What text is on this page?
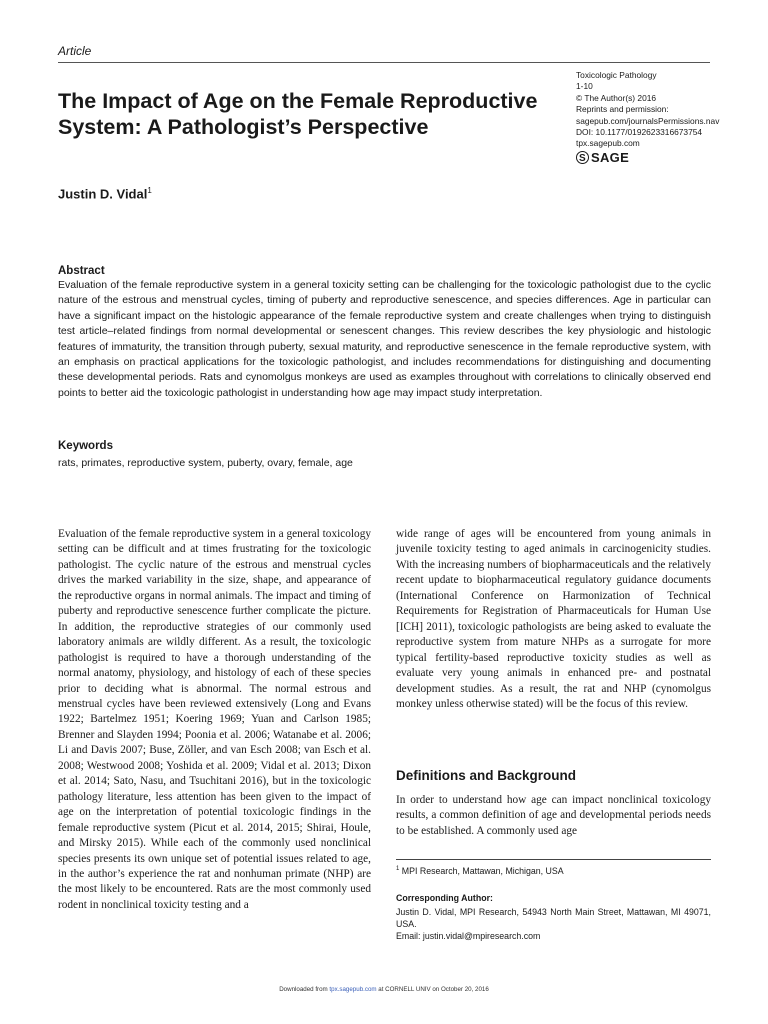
Article
The Impact of Age on the Female Reproductive System: A Pathologist’s Perspective
Toxicologic Pathology
1-10
© The Author(s) 2016
Reprints and permission:
sagepub.com/journalsPermissions.nav
DOI: 10.1177/0192623316673754
tpx.sagepub.com
S SAGE
Justin D. Vidal$^1$
Abstract
Evaluation of the female reproductive system in a general toxicity setting can be challenging for the toxicologic pathologist due to the cyclic nature of the estrous and menstrual cycles, timing of puberty and reproductive senescence, and species differences. Age in particular can have a significant impact on the histologic appearance of the female reproductive system and create challenges when trying to distinguish test article–related findings from normal developmental or senescent changes. This review describes the key physiologic and histologic features of immaturity, the transition through puberty, sexual maturity, and reproductive senescence in the female reproductive system, with an emphasis on practical applications for the toxicologic pathologist, and includes recommendations for distinguishing and documenting these developmental periods. Rats and cynomolgus monkeys are used as examples throughout with correlations to clinically observed end points to better aid the toxicologic pathologist in understanding how age may impact study interpretation.
Keywords
rats, primates, reproductive system, puberty, ovary, female, age
Evaluation of the female reproductive system in a general toxicology setting can be difficult and at times frustrating for the toxicologic pathologist. The cyclic nature of the estrous and menstrual cycles drives the marked variability in the size, shape, and appearance of the reproductive organs in normal animals. The impact and timing of puberty and reproductive senescence further complicate the picture. In addition, the reproductive strategies of our commonly used laboratory animals are wildly different. As a result, the toxicologic pathologist is required to have a thorough understanding of the normal anatomy, physiology, and histology of each of these species prior to deciding what is abnormal. The normal estrous and menstrual cycles have been reviewed extensively (Long and Evans 1922; Bartelmez 1951; Koering 1969; Yuan and Carlson 1985; Brenner and Slayden 1994; Poonia et al. 2006; Watanabe et al. 2006; Li and Davis 2007; Buse, Zöller, and van Esch 2008; van Esch et al. 2008; Westwood 2008; Yoshida et al. 2009; Vidal et al. 2013; Dixon et al. 2014; Sato, Nasu, and Tsuchitani 2016), but in the toxicologic pathology literature, less attention has been given to the impact of age on the interpretation of potential toxicologic findings in the female reproductive system (Picut et al. 2014, 2015; Shirai, Houle, and Mirsky 2015). While each of the commonly used nonclinical species presents its own unique set of potential issues related to age, in the author’s experience the rat and nonhuman primate (NHP) are the most likely to be encountered. Rats are the most commonly used rodent in nonclinical toxicity testing and a
wide range of ages will be encountered from young animals in juvenile toxicity testing to aged animals in carcinogenicity studies. With the increasing numbers of biopharmaceuticals and the relatively recent update to biopharmaceutical regulatory guidance documents (International Conference on Harmonization of Technical Requirements for Registration of Pharmaceuticals for Human Use [ICH] 2011), toxicologic pathologists are being asked to evaluate the reproductive system from mature NHPs as a surrogate for more typical fertility-based reproductive toxicity studies as well as evaluate very young animals in enhanced pre- and postnatal development studies. As a result, the rat and NHP (cynomolgus monkey unless otherwise stated) will be the focus of this review.
Definitions and Background
In order to understand how age can impact nonclinical toxicology results, a common definition of age and developmental periods needs to be established. A commonly used age
$^1$ MPI Research, Mattawan, Michigan, USA
Corresponding Author:
Justin D. Vidal, MPI Research, 54943 North Main Street, Mattawan, MI 49071, USA.
Email: justin.vidal@mpiresearch.com
Downloaded from tpx.sagepub.com at CORNELL UNIV on October 20, 2016
